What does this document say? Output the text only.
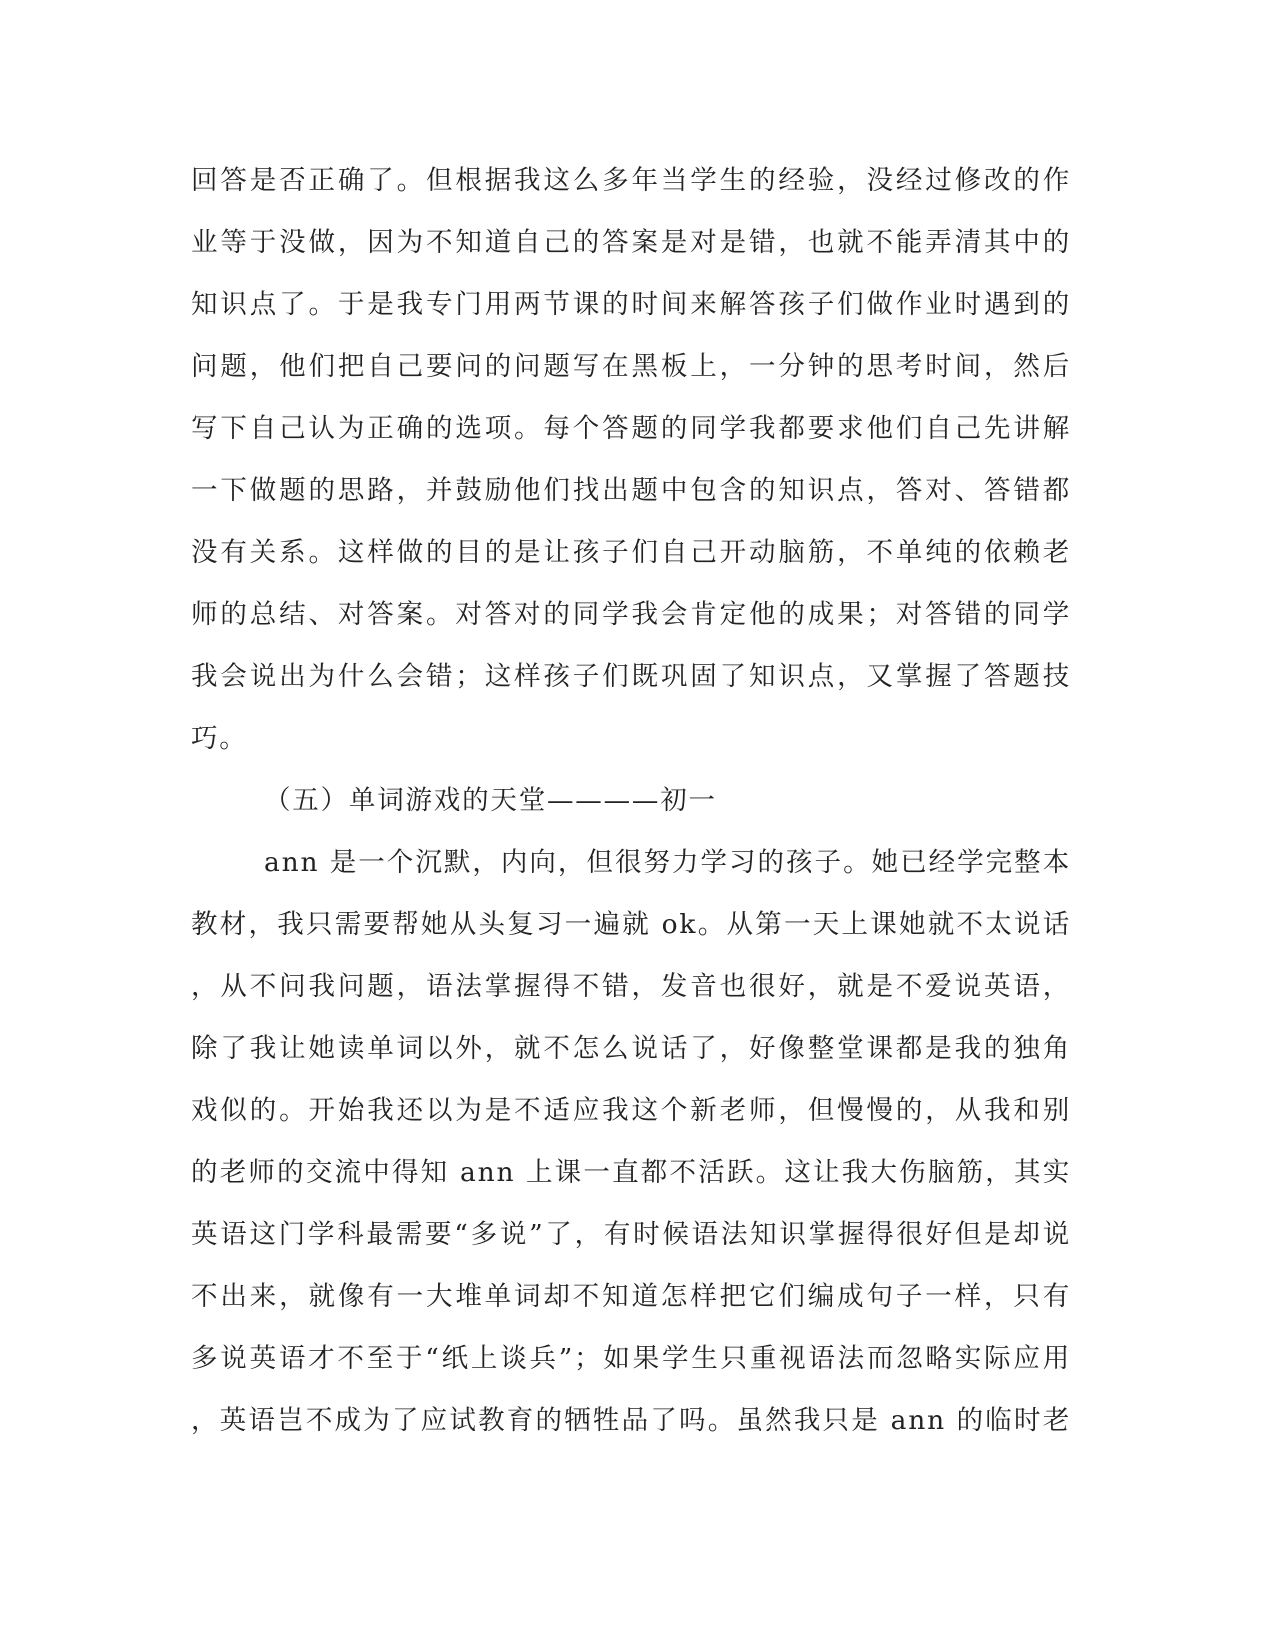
回答是否正确了。但根据我这么多年当学生的经验，没经过修改的作
业等于没做，因为不知道自己的答案是对是错，也就不能弄清其中的
知识点了。于是我专门用两节课的时间来解答孩子们做作业时遇到的
问题，他们把自己要问的问题写在黑板上，一分钟的思考时间，然后
写下自己认为正确的选项。每个答题的同学我都要求他们自己先讲解
一下做题的思路，并鼓励他们找出题中包含的知识点，答对、答错都
没有关系。这样做的目的是让孩子们自己开动脑筋，不单纯的依赖老
师的总结、对答案。对答对的同学我会肯定他的成果；对答错的同学
我会说出为什么会错；这样孩子们既巩固了知识点，又掌握了答题技
巧。
（五）单词游戏的天堂————初一
ann 是一个沉默，内向，但很努力学习的孩子。她已经学完整本
教材，我只需要帮她从头复习一遍就 ok。从第一天上课她就不太说话
，从不问我问题，语法掌握得不错，发音也很好，就是不爱说英语，
除了我让她读单词以外，就不怎么说话了，好像整堂课都是我的独角
戏似的。开始我还以为是不适应我这个新老师，但慢慢的，从我和别
的老师的交流中得知 ann 上课一直都不活跃。这让我大伤脑筋，其实
英语这门学科最需要“多说”了，有时候语法知识掌握得很好但是却说
不出来，就像有一大堆单词却不知道怎样把它们编成句子一样，只有
多说英语才不至于“纸上谈兵”；如果学生只重视语法而忽略实际应用
，英语岂不成为了应试教育的牺牲品了吗。虽然我只是 ann 的临时老
